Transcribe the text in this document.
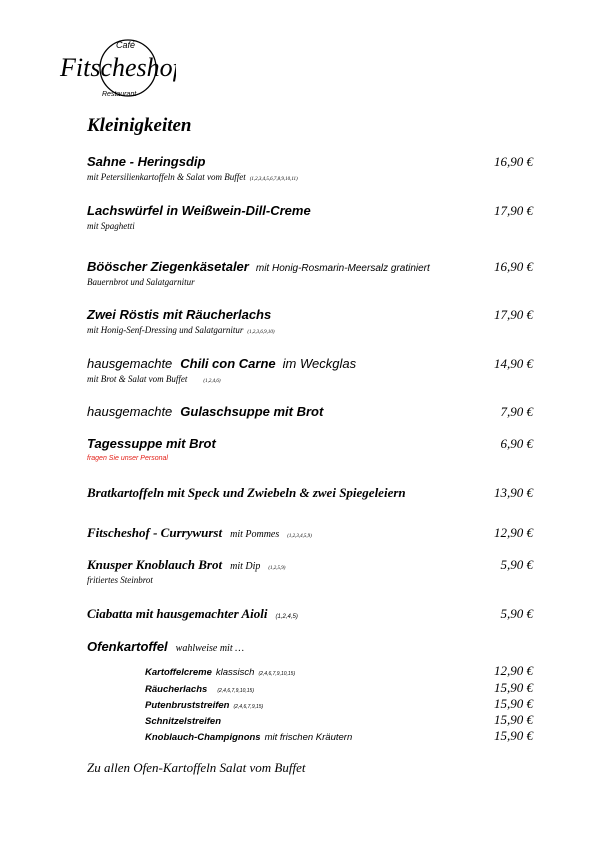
Café
Fitscheshof
Restaurant
Kleinigkeiten
Sahne - Heringsdip	16,90 €
mit Petersilienkartoffeln & Salat vom Buffet (1,2,3,4,5,6,7,8,9,10,11)
Lachswürfel in Weißwein-Dill-Creme	17,90 €
mit Spaghetti
Bööscher Ziegenkäsetaler mit Honig-Rosmarin-Meersalz gratiniert	16,90 €
Bauernbrot und Salatgarnitur
Zwei Röstis mit Räucherlachs	17,90 €
mit Honig-Senf-Dressing und Salatgarnitur (1,2,3,6,9,10)
hausgemachte Chili con Carne im Weckglas	14,90 €
mit Brot & Salat vom Buffet	(1,2,4,6)
hausgemachte Gulaschsuppe mit Brot	7,90 €
Tagessuppe mit Brot	6,90 €
fragen Sie unser Personal
Bratkartoffeln mit Speck und Zwiebeln & zwei Spiegeleiern	13,90 €
Fitscheshof - Currywurst mit Pommes (1,2,3,4,5,9)	12,90 €
Knusper Knoblauch Brot mit Dip (1,2,5,9)	5,90 €
fritiertes Steinbrot
Ciabatta mit hausgemachter Aioli (1,2,4,5)	5,90 €
Ofenkartoffel wahlweise mit …
Kartoffelcreme klassisch (2,4,6,7,9,10,15)	12,90 €
Räucherlachs (2,4,6,7,9,10,15)	15,90 €
Putenbruststreifen (2,4,6,7,9,15)	15,90 €
Schnitzelstreifen	15,90 €
Knoblauch-Champignons mit frischen Kräutern	15,90 €
Zu allen Ofen-Kartoffeln Salat vom Buffet
